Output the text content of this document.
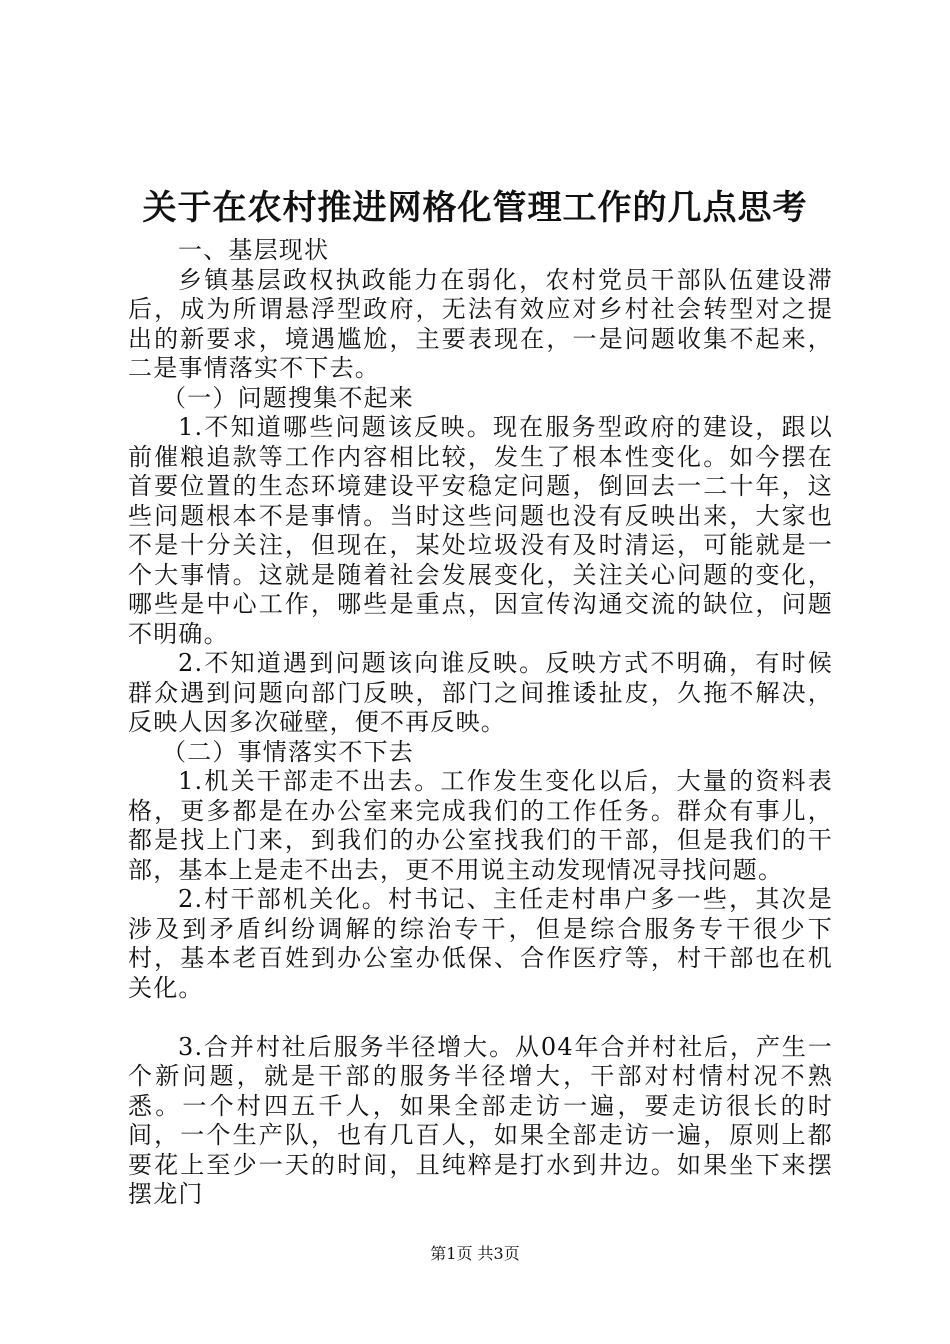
关于在农村推进网格化管理工作的几点思考

一、基层现状

乡镇基层政权执政能力在弱化，农村党员干部队伍建设滞后，成为所谓悬浮型政府，无法有效应对乡村社会转型对之提出的新要求，境遇尴尬，主要表现在，一是问题收集不起来，二是事情落实不下去。

（一）问题搜集不起来

1.不知道哪些问题该反映。现在服务型政府的建设，跟以前催粮追款等工作内容相比较，发生了根本性变化。如今摆在首要位置的生态环境建设平安稳定问题，倒回去一二十年，这些问题根本不是事情。当时这些问题也没有反映出来，大家也不是十分关注，但现在，某处垃圾没有及时清运，可能就是一个大事情。这就是随着社会发展变化，关注关心问题的变化，哪些是中心工作，哪些是重点，因宣传沟通交流的缺位，问题不明确。

2.不知道遇到问题该向谁反映。反映方式不明确，有时候群众遇到问题向部门反映，部门之间推诿扯皮，久拖不解决，反映人因多次碰壁，便不再反映。

（二）事情落实不下去

1.机关干部走不出去。工作发生变化以后，大量的资料表格，更多都是在办公室来完成我们的工作任务。群众有事儿，都是找上门来，到我们的办公室找我们的干部，但是我们的干部，基本上是走不出去，更不用说主动发现情况寻找问题。

2.村干部机关化。村书记、主任走村串户多一些，其次是涉及到矛盾纠纷调解的综治专干，但是综合服务专干很少下村，基本老百姓到办公室办低保、合作医疗等，村干部也在机关化。

3.合并村社后服务半径增大。从04年合并村社后，产生一个新问题，就是干部的服务半径增大，干部对村情村况不熟悉。一个村四五千人，如果全部走访一遍，要走访很长的时间，一个生产队，也有几百人，如果全部走访一遍，原则上都要花上至少一天的时间，且纯粹是打水到井边。如果坐下来摆摆龙门

第1页 共3页
